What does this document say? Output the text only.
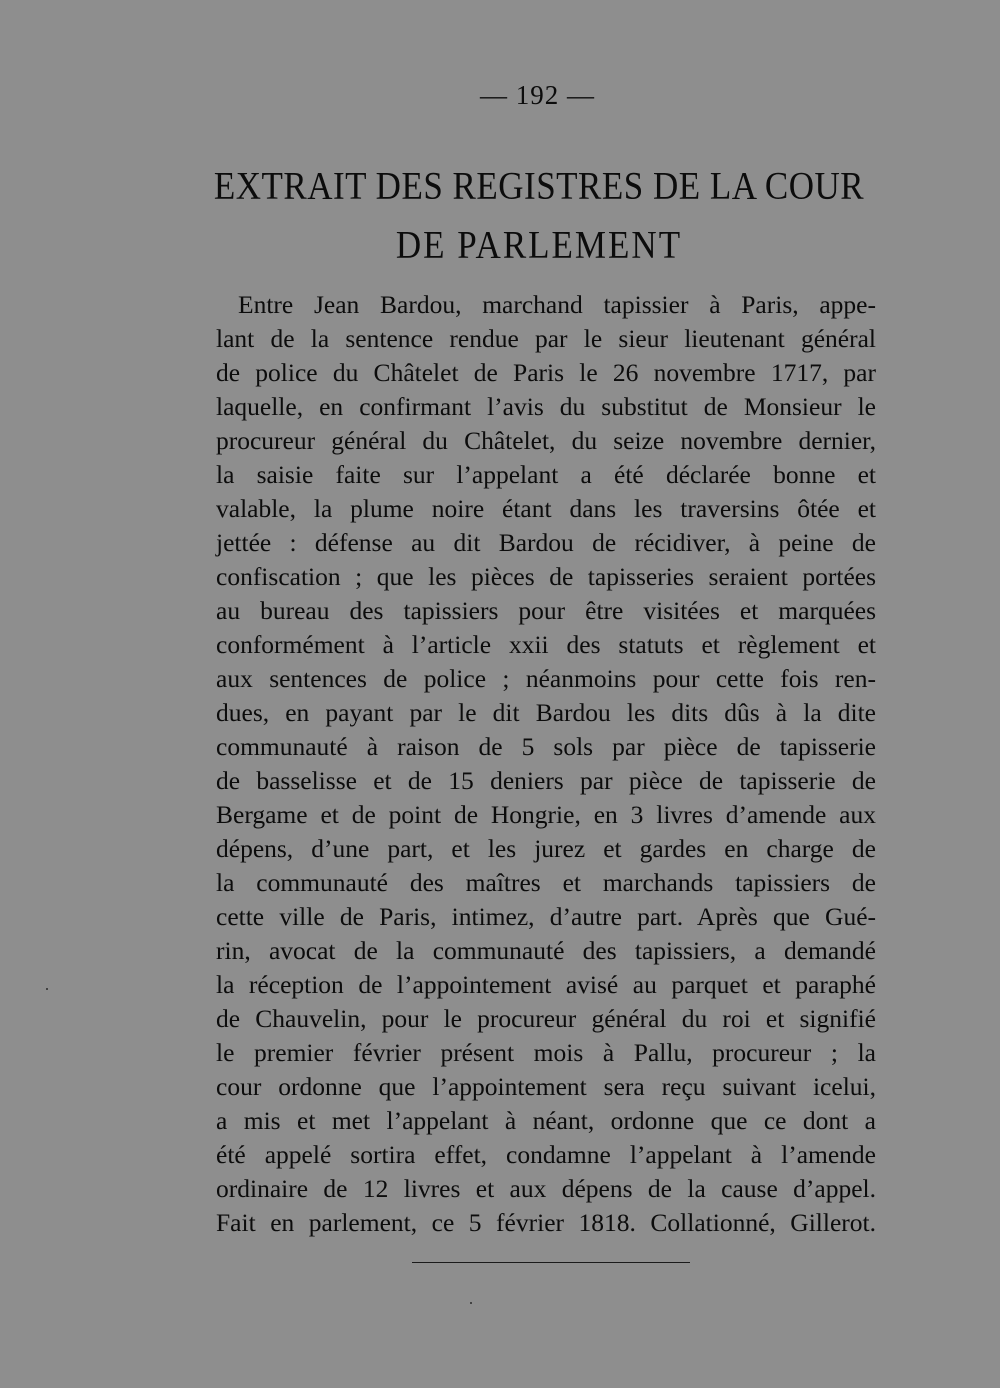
— 192 —
EXTRAIT DES REGISTRES DE LA COUR
DE PARLEMENT
Entre Jean Bardou, marchand tapissier à Paris, appe-
lant de la sentence rendue par le sieur lieutenant général
de police du Châtelet de Paris le 26 novembre 1717, par
laquelle, en confirmant l’avis du substitut de Monsieur le
procureur général du Châtelet, du seize novembre dernier,
la saisie faite sur l’appelant a été déclarée bonne et
valable, la plume noire étant dans les traversins ôtée et
jettée : défense au dit Bardou de récidiver, à peine de
confiscation ; que les pièces de tapisseries seraient portées
au bureau des tapissiers pour être visitées et marquées
conformément à l’article xxii des statuts et règlement et
aux sentences de police ; néanmoins pour cette fois ren-
dues, en payant par le dit Bardou les dits dûs à la dite
communauté à raison de 5 sols par pièce de tapisserie
de basselisse et de 15 deniers par pièce de tapisserie de
Bergame et de point de Hongrie, en 3 livres d’amende aux
dépens, d’une part, et les jurez et gardes en charge de
la communauté des maîtres et marchands tapissiers de
cette ville de Paris, intimez, d’autre part. Après que Gué-
rin, avocat de la communauté des tapissiers, a demandé
la réception de l’appointement avisé au parquet et paraphé
de Chauvelin, pour le procureur général du roi et signifié
le premier février présent mois à Pallu, procureur ; la
cour ordonne que l’appointement sera reçu suivant icelui,
a mis et met l’appelant à néant, ordonne que ce dont a
été appelé sortira effet, condamne l’appelant à l’amende
ordinaire de 12 livres et aux dépens de la cause d’appel.
Fait en parlement, ce 5 février 1818. Collationné, Gillerot.
